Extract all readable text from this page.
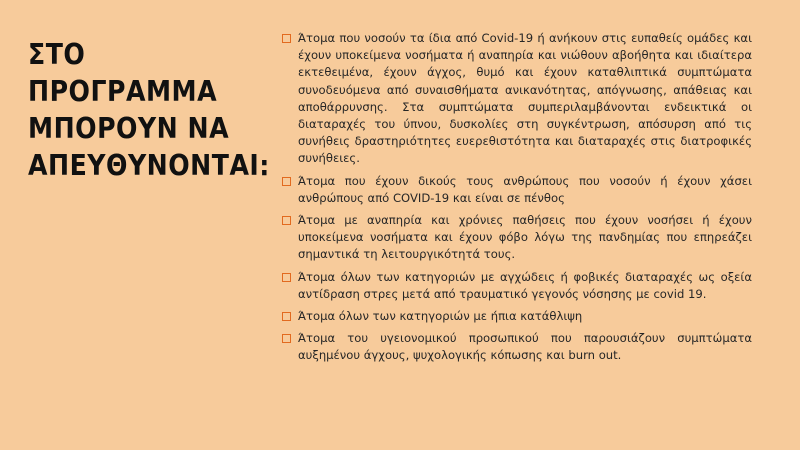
ΣΤΟ
ΠΡΟΓΡΑΜΜΑ
ΜΠΟΡΟΥΝ ΝΑ
ΑΠΕΥΘΥΝΟΝΤΑΙ:
Άτομα που νοσούν τα ίδια από Covid-19 ή ανήκουν στις ευπαθείς ομάδες και έχουν υποκείμενα νοσήματα ή αναπηρία και νιώθουν αβοήθητα και ιδιαίτερα εκτεθειμένα, έχουν άγχος, θυμό και έχουν καταθλιπτικά συμπτώματα συνοδευόμενα από συναισθήματα ανικανότητας, απόγνωσης, απάθειας και αποθάρρυνσης. Στα συμπτώματα συμπεριλαμβάνονται ενδεικτικά οι διαταραχές του ύπνου, δυσκολίες στη συγκέντρωση, απόσυρση από τις συνήθεις δραστηριότητες ευερεθιστότητα και διαταραχές στις διατροφικές συνήθειες.
Άτομα που έχουν δικούς τους ανθρώπους που νοσούν ή έχουν χάσει ανθρώπους από COVID-19 και είναι σε πένθος
Άτομα με αναπηρία και χρόνιες παθήσεις που έχουν νοσήσει ή έχουν υποκείμενα νοσήματα και έχουν φόβο λόγω της πανδημίας που επηρεάζει σημαντικά τη λειτουργικότητά τους.
Άτομα όλων των κατηγοριών με αγχώδεις ή φοβικές διαταραχές ως οξεία αντίδραση στρες μετά από τραυματικό γεγονός νόσησης με covid 19.
Άτομα όλων των κατηγοριών με ήπια κατάθλιψη
Άτομα του υγειονομικού προσωπικού που παρουσιάζουν συμπτώματα αυξημένου άγχους, ψυχολογικής κόπωσης και burn out.
